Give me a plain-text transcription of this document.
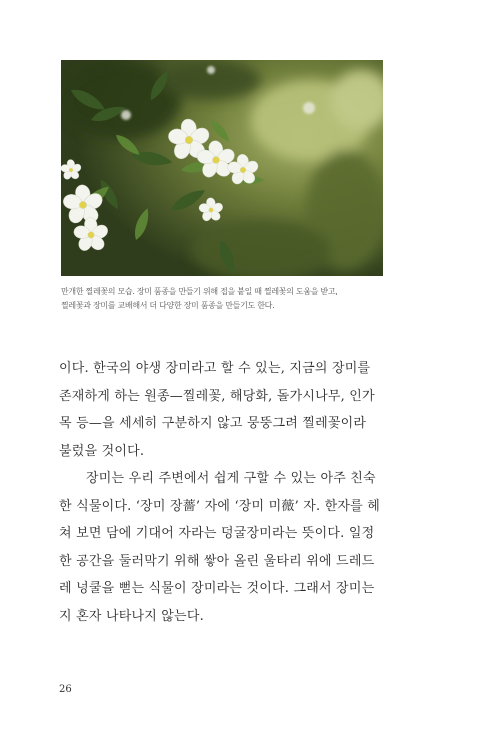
만개한 찔레꽃의 모습. 장미 품종을 만들기 위해 접을 붙일 때 찔레꽃의 도움을 받고,
찔레꽃과 장미를 교배해서 더 다양한 장미 품종을 만들기도 한다.
이다. 한국의 야생 장미라고 할 수 있는, 지금의 장미를
존재하게 하는 원종—찔레꽃, 해당화, 돌가시나무, 인가
목 등—을 세세히 구분하지 않고 뭉뚱그려 찔레꽃이라
불렀을 것이다.
장미는 우리 주변에서 쉽게 구할 수 있는 아주 친숙
한 식물이다. ‘장미 장薔’ 자에 ‘장미 미薇’ 자. 한자를 헤
쳐 보면 담에 기대어 자라는 덩굴장미라는 뜻이다. 일정
한 공간을 둘러막기 위해 쌓아 올린 울타리 위에 드레드
레 넝쿨을 뻗는 식물이 장미라는 것이다. 그래서 장미는
지 혼자 나타나지 않는다.
26
